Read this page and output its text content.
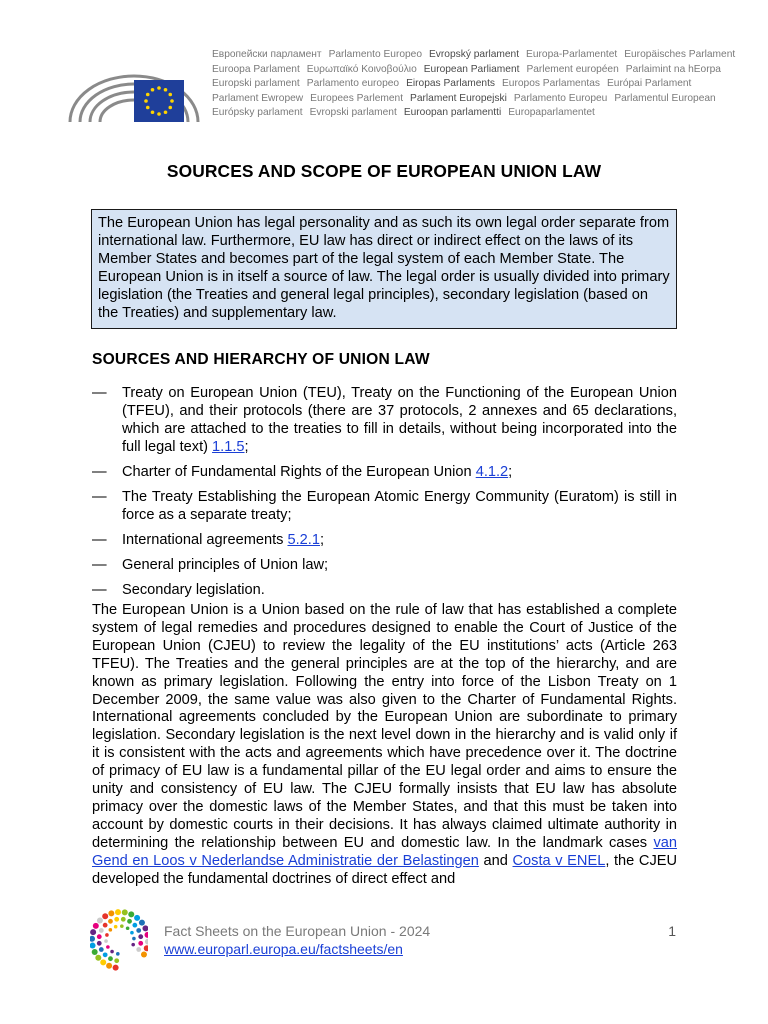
Европейски парламент Parlamento Europeo Evropský parlament Europa-Parlamentet Europäisches Parlament
Euroopa Parlament Ευρωπαϊκό Κοινοβούλιο European Parliament Parlement européen Parlaimint na hEorpa
Europski parlament Parlamento europeo Eiropas Parlaments Europos Parlamentas Európai Parlament
Parlament Ewropew Europees Parlement Parlament Europejski Parlamento Europeu Parlamentul European
Európsky parlament Evropski parlament Euroopan parlamentti Europaparlamentet
SOURCES AND SCOPE OF EUROPEAN UNION LAW
The European Union has legal personality and as such its own legal order separate from international law. Furthermore, EU law has direct or indirect effect on the laws of its Member States and becomes part of the legal system of each Member State. The European Union is in itself a source of law. The legal order is usually divided into primary legislation (the Treaties and general legal principles), secondary legislation (based on the Treaties) and supplementary law.
SOURCES AND HIERARCHY OF UNION LAW
— Treaty on European Union (TEU), Treaty on the Functioning of the European Union (TFEU), and their protocols (there are 37 protocols, 2 annexes and 65 declarations, which are attached to the treaties to fill in details, without being incorporated into the full legal text) 1.1.5;
— Charter of Fundamental Rights of the European Union 4.1.2;
— The Treaty Establishing the European Atomic Energy Community (Euratom) is still in force as a separate treaty;
— International agreements 5.2.1;
— General principles of Union law;
— Secondary legislation.

The European Union is a Union based on the rule of law that has established a complete system of legal remedies and procedures designed to enable the Court of Justice of the European Union (CJEU) to review the legality of the EU institutions’ acts (Article 263 TFEU). The Treaties and the general principles are at the top of the hierarchy, and are known as primary legislation. Following the entry into force of the Lisbon Treaty on 1 December 2009, the same value was also given to the Charter of Fundamental Rights. International agreements concluded by the European Union are subordinate to primary legislation. Secondary legislation is the next level down in the hierarchy and is valid only if it is consistent with the acts and agreements which have precedence over it. The doctrine of primacy of EU law is a fundamental pillar of the EU legal order and aims to ensure the unity and consistency of EU law. The CJEU formally insists that EU law has absolute primacy over the domestic laws of the Member States, and that this must be taken into account by domestic courts in their decisions. It has always claimed ultimate authority in determining the relationship between EU and domestic law. In the landmark cases van Gend en Loos v Nederlandse Administratie der Belastingen and Costa v ENEL, the CJEU developed the fundamental doctrines of direct effect and

Fact Sheets on the European Union - 2024
www.europarl.europa.eu/factsheets/en
1
